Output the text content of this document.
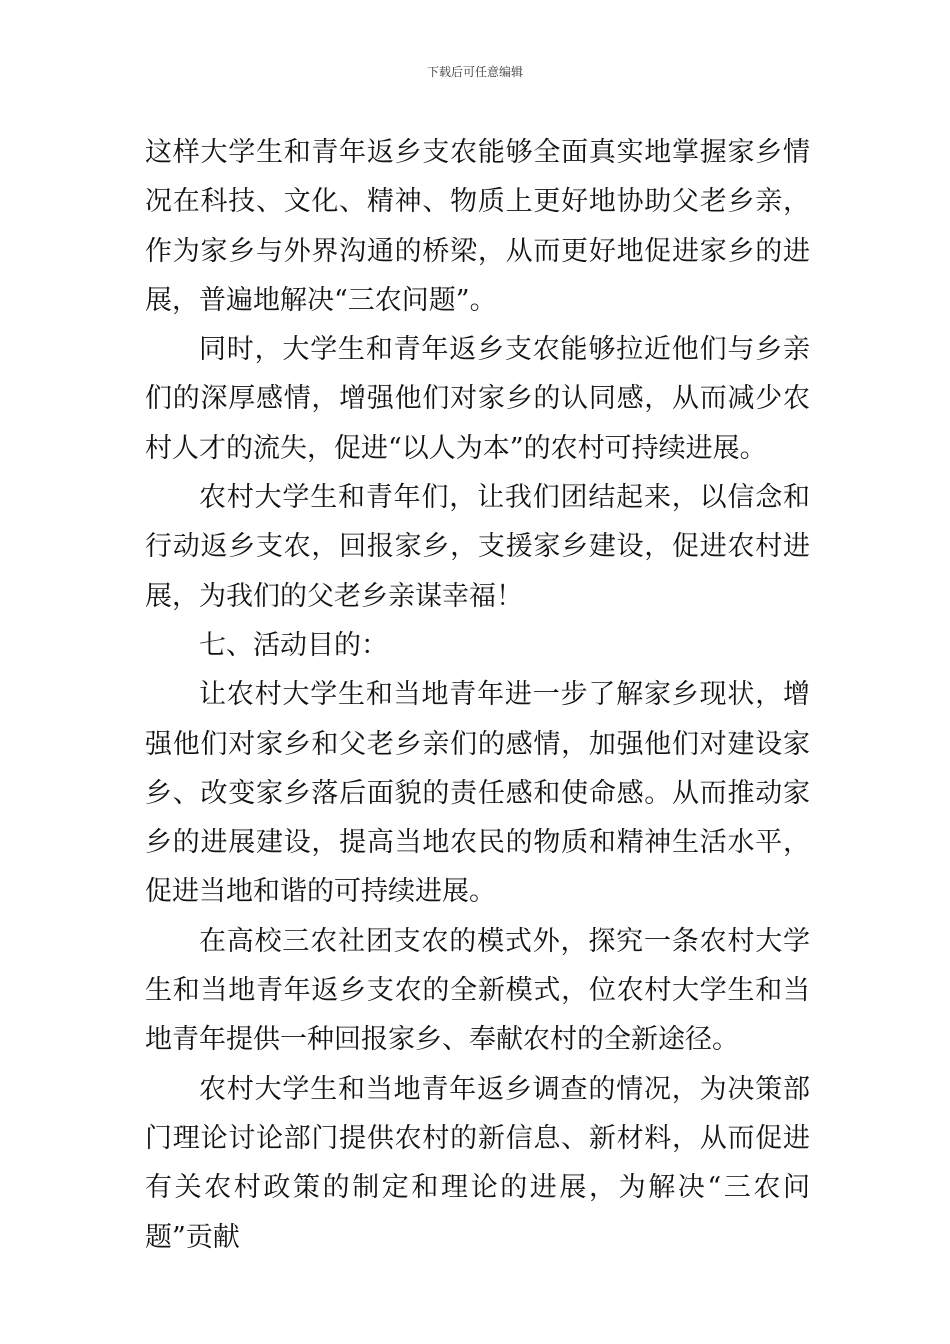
下载后可任意编辑

这样大学生和青年返乡支农能够全面真实地掌握家乡情况在科技、文化、精神、物质上更好地协助父老乡亲，作为家乡与外界沟通的桥梁，从而更好地促进家乡的进展，普遍地解决“三农问题”。

同时，大学生和青年返乡支农能够拉近他们与乡亲们的深厚感情，增强他们对家乡的认同感，从而减少农村人才的流失，促进“以人为本”的农村可持续进展。

农村大学生和青年们，让我们团结起来，以信念和行动返乡支农，回报家乡，支援家乡建设，促进农村进展，为我们的父老乡亲谋幸福！

七、活动目的：

让农村大学生和当地青年进一步了解家乡现状，增强他们对家乡和父老乡亲们的感情，加强他们对建设家乡、改变家乡落后面貌的责任感和使命感。从而推动家乡的进展建设，提高当地农民的物质和精神生活水平，促进当地和谐的可持续进展。

在高校三农社团支农的模式外，探究一条农村大学生和当地青年返乡支农的全新模式，位农村大学生和当地青年提供一种回报家乡、奉献农村的全新途径。

农村大学生和当地青年返乡调查的情况，为决策部门理论讨论部门提供农村的新信息、新材料，从而促进有关农村政策的制定和理论的进展，为解决“三农问题”贡献
